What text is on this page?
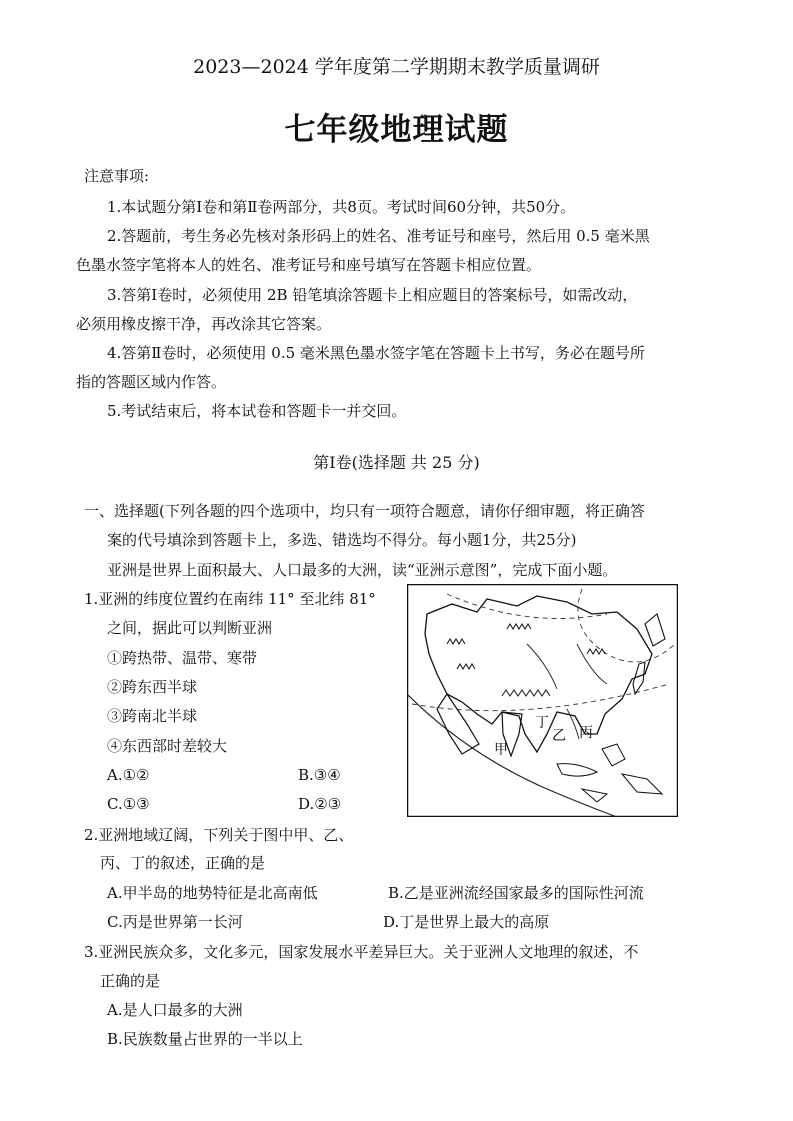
2023—2024 学年度第二学期期末教学质量调研
七年级地理试题
注意事项:
1.本试题分第Ⅰ卷和第Ⅱ卷两部分，共8页。考试时间60分钟，共50分。
2.答题前，考生务必先核对条形码上的姓名、准考证号和座号，然后用 0.5 毫米黑
色墨水签字笔将本人的姓名、准考证号和座号填写在答题卡相应位置。
3.答第Ⅰ卷时，必须使用 2B 铅笔填涂答题卡上相应题目的答案标号，如需改动，
必须用橡皮擦干净，再改涂其它答案。
4.答第Ⅱ卷时，必须使用 0.5 毫米黑色墨水签字笔在答题卡上书写，务必在题号所
指的答题区域内作答。
5.考试结束后，将本试卷和答题卡一并交回。
第Ⅰ卷(选择题 共 25 分)
一、选择题(下列各题的四个选项中，均只有一项符合题意，请你仔细审题，将正确答
案的代号填涂到答题卡上，多选、错选均不得分。每小题1分，共25分)
亚洲是世界上面积最大、人口最多的大洲，读“亚洲示意图”，完成下面小题。
1.亚洲的纬度位置约在南纬 11° 至北纬 81°
之间，据此可以判断亚洲
①跨热带、温带、寒带
②跨东西半球
③跨南北半球
④东西部时差较大
A.①②	B.③④
C.①③	D.②③
甲
丁
丙
乙
2.亚洲地域辽阔，下列关于图中甲、乙、
丙、丁的叙述，正确的是
A.甲半岛的地势特征是北高南低	B.乙是亚洲流经国家最多的国际性河流
C.丙是世界第一长河	D.丁是世界上最大的高原
3.亚洲民族众多，文化多元，国家发展水平差异巨大。关于亚洲人文地理的叙述，不
正确的是
A.是人口最多的大洲
B.民族数量占世界的一半以上
